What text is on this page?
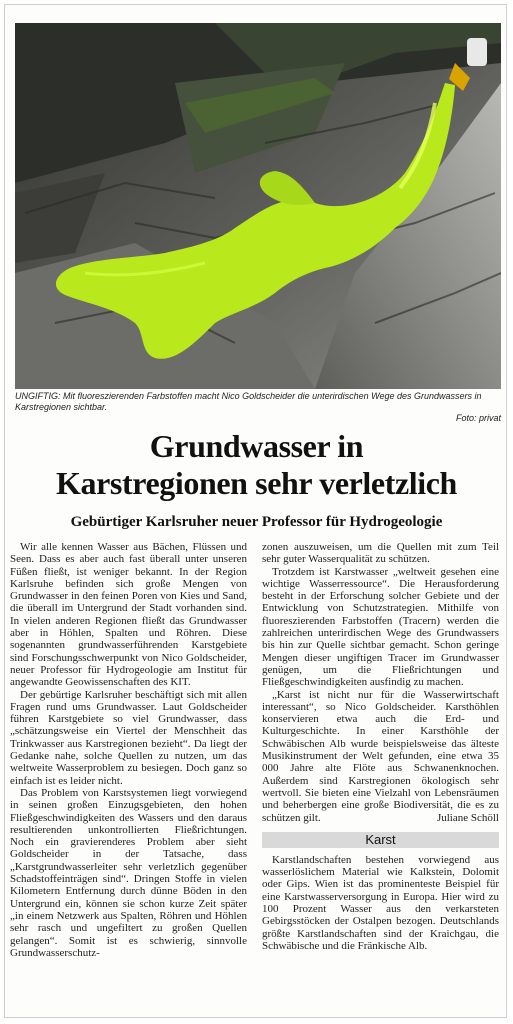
UNGIFTIG: Mit fluoreszierenden Farbstoffen macht Nico Goldscheider die unterirdischen Wege des Grundwassers in Karstregionen sichtbar.
Foto: privat
Grundwasser in
Karstregionen sehr verletzlich
Gebürtiger Karlsruher neuer Professor für Hydrogeologie

Wir alle kennen Wasser aus Bächen, Flüssen und Seen. Dass es aber auch fast überall unter unseren Füßen fließt, ist weniger bekannt. In der Region Karlsruhe befinden sich große Mengen von Grundwasser in den feinen Poren von Kies und Sand, die überall im Untergrund der Stadt vorhanden sind. In vielen anderen Regionen fließt das Grundwasser aber in Höhlen, Spalten und Röhren. Diese sogenannten grundwasserführenden Karstgebiete sind Forschungsschwerpunkt von Nico Goldscheider, neuer Professor für Hydrogeologie am Institut für angewandte Geowissenschaften des KIT.

Der gebürtige Karlsruher beschäftigt sich mit allen Fragen rund ums Grundwasser. Laut Goldscheider führen Karstgebiete so viel Grundwasser, dass „schätzungsweise ein Viertel der Menschheit das Trinkwasser aus Karstregionen bezieht“. Da liegt der Gedanke nahe, solche Quellen zu nutzen, um das weltweite Wasserproblem zu besiegen. Doch ganz so einfach ist es leider nicht.

Das Problem von Karstsystemen liegt vorwiegend in seinen großen Einzugsgebieten, den hohen Fließgeschwindigkeiten des Wassers und den daraus resultierenden unkontrollierten Fließrichtungen. Noch ein gravierenderes Problem aber sieht Goldscheider in der Tatsache, dass „Karstgrundwasserleiter sehr verletzlich gegenüber Schadstoffeinträgen sind“. Dringen Stoffe in vielen Kilometern Entfernung durch dünne Böden in den Untergrund ein, können sie schon kurze Zeit später „in einem Netzwerk aus Spalten, Röhren und Höhlen sehr rasch und ungefiltert zu großen Quellen gelangen“. Somit ist es schwierig, sinnvolle Grundwasserschutz-

zonen auszuweisen, um die Quellen mit zum Teil sehr guter Wasserqualität zu schützen.

Trotzdem ist Karstwasser „weltweit gesehen eine wichtige Wasserressource“. Die Herausforderung besteht in der Erforschung solcher Gebiete und der Entwicklung von Schutzstrategien. Mithilfe von fluoreszierenden Farbstoffen (Tracern) werden die zahlreichen unterirdischen Wege des Grundwassers bis hin zur Quelle sichtbar gemacht. Schon geringe Mengen dieser ungiftigen Tracer im Grundwasser genügen, um die Fließrichtungen und Fließgeschwindigkeiten ausfindig zu machen.

„Karst ist nicht nur für die Wasserwirtschaft interessant“, so Nico Goldscheider. Karsthöhlen konservieren etwa auch die Erd- und Kulturgeschichte. In einer Karsthöhle der Schwäbischen Alb wurde beispielsweise das älteste Musikinstrument der Welt gefunden, eine etwa 35 000 Jahre alte Flöte aus Schwanenknochen. Außerdem sind Karstregionen ökologisch sehr wertvoll. Sie bieten eine Vielzahl von Lebensräumen und beherbergen eine große Biodiversität, die es zu schützen gilt.	Juliane Schöll
Karst

Karstlandschaften bestehen vorwiegend aus wasserlöslichem Material wie Kalkstein, Dolomit oder Gips. Wien ist das prominenteste Beispiel für eine Karstwasserversorgung in Europa. Hier wird zu 100 Prozent Wasser aus den verkarsteten Gebirgsstöcken der Ostalpen bezogen. Deutschlands größte Karstlandschaften sind der Kraichgau, die Schwäbische und die Fränkische Alb.
